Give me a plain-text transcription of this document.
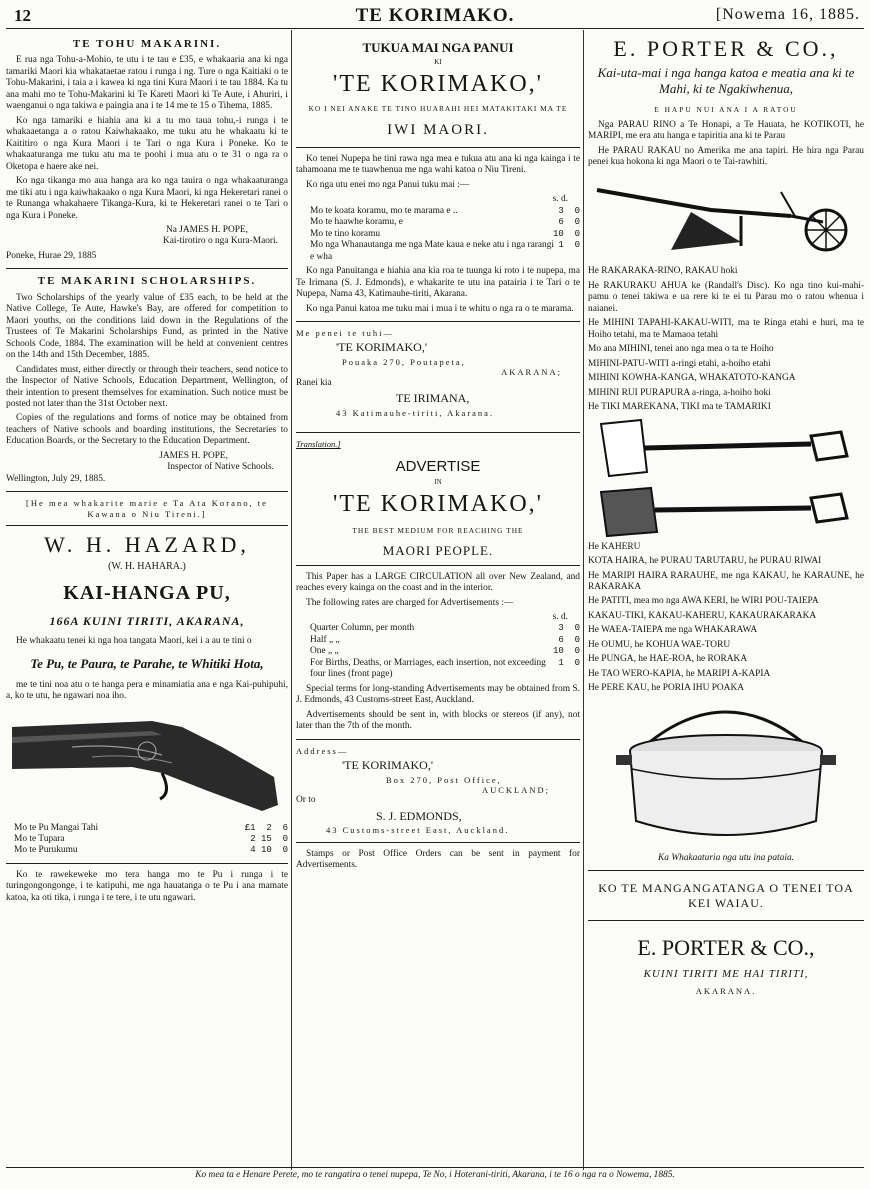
12	TE KORIMAKO.	[Nowema 16, 1885.
TE TOHU MAKARINI.

E rua nga Tohu-a-Mohio, te utu i te tau e £35, e whakaaria ana ki nga tamariki Maori kia whakataetae ratou i runga i ng. Ture o nga Kaitiaki o te Tohu-Makarini, i taia a i kawea ki nga tini Kura Maori i te tau 1884. Ka tu ana mahi mo te Tohu-Makarini ki Te Kareti Maori ki Te Aute, i Ahuriri, i waenganui o nga takiwa e paingia ana i te 14 me te 15 o Tihema, 1885.

Ko nga tamariki e hiahia ana ki a tu mo taua tohu,-i runga i te whakaaetanga a o ratou Kaiwhakaako, me tuku atu he whakaatu ki te Kaititiro o nga Kura Maori i te Tari o nga Kura i Poneke. Ko te whakaaturanga me tuku atu ma te poohi i mua atu o te 31 o nga ra o Oketopa e haere ake nei.

Ko nga tikanga mo aua hanga ara ko nga tauira o nga whakaaturanga me tiki atu i nga kaiwhakaako o nga Kura Maori, ki nga Hekeretari ranei o te Runanga whakahaere Tikanga-Kura, ki te Hekeretari ranei o te Tari o nga Kura i Poneke.

Na JAMES H. POPE,
Kai-tirotiro o nga Kura-Maori.
Poneke, Hurae 29, 1885
TE MAKARINI SCHOLARSHIPS.

Two Scholarships of the yearly value of £35 each, to be held at the Native College, Te Aute, Hawke's Bay, are offered for competition to Maori youths, on the conditions laid down in the Regulations of the Trustees of Te Makarini Scholarships Fund, as printed in the Native Schools Code, 1884. The examination will be held at convenient centres on the 14th and 15th December, 1885.

Candidates must, either directly or through their teachers, send notice to the Inspector of Native Schools, Education Department, Wellington, of their intention to present themselves for examination. Such notice must be posted not later than the 31st October next.

Copies of the regulations and forms of notice may be obtained from teachers of Native schools and boarding institutions, the Secretaries to Education Boards, or the Secretary to the Education Department.

JAMES H. POPE,
Inspector of Native Schools.
Wellington, July 29, 1885.
[He mea whakarite marie e Ta Ata Korano, te Kawana o Niu Tireni.]
W. H. HAZARD,
(W. H. HAHARA.)
KAI-HANGA PU,
166A KUINI TIRITI, AKARANA,

He whakaatu tenei ki nga hoa tangata Maori, kei i a au te tini o

Te Pu, te Paura, te Parahe, te Whitiki Hota,

me te tini noa atu o te hanga pera e minamiatia ana e nga Kai-puhipuhi, a, ko te utu, he ngawari noa iho.

Mo te Pu Mangai Tahi	£1  2  6
Mo te Tupara	2 15  0
Mo te Purukumu	4 10  0

Ko te rawekeweke mo tera hanga mo te Pu i runga i te turingongongonge, i te katipuhi, me nga hauatanga o te Pu i ana mamate katoa, ka oti tika, i runga i te tere, i te utu ngawari.

TUKUA MAI NGA PANUI
KI
'TE KORIMAKO,'
KO I NEI ANAKE TE TINO HUARAHI HEI MATAKITAKI MA TE
IWI MAORI.

Ko tenei Nupepa he tini rawa nga mea e tukua atu ana ki nga kainga i te tahamoana me te tuawhenua me nga wahi katoa o Niu Tireni.

Ko nga utu enei mo nga Panui tuku mai :—

s. d.
Mo te koata koramu, mo te marama e ..	3  0
Mo te haawhe koramu, e	6  0
Mo te tino koramu	10  0
Mo nga Whanautanga me nga Mate kaua e neke atu i nga rarangi e wha
1  0

Ko nga Panuitanga e hiahia ana kia roa te tuunga ki roto i te nupepa, ma Te Irimana (S. J. Edmonds), e whakarite te utu ina patairia i te Tari o te Nupepa, Nama 43, Katimauhe-tiriti, Akarana.

Ko nga Panui katoa me tuku mai i mua i te whitu o nga ra o te marama.

Me penei te tuhi—
'TE KORIMAKO,'
Pouaka 270, Poutapeta,
AKARANA;
Ranei kia
TE IRIMANA,
43 Katimauhe-tiriti, Akarana.
Translation.]
ADVERTISE
IN
'TE KORIMAKO,'
THE BEST MEDIUM FOR REACHING THE
MAORI PEOPLE.

This Paper has a LARGE CIRCULATION all over New Zealand, and reaches every kainga on the coast and in the interior.

The following rates are charged for Advertisements :—

s. d.
Quarter Column, per month	3  0
Half „ „	6  0
One „ „	10  0
For Births, Deaths, or Marriages, each insertion, not exceeding four lines (front page)
1  0

Special terms for long-standing Advertisements may be obtained from S. J. Edmonds, 43 Customs-street East, Auckland.

Advertisements should be sent in, with blocks or stereos (if any), not later than the 7th of the month.

Address—
'TE KORIMAKO,'
Box 270, Post Office,
AUCKLAND;
Or to
S. J. EDMONDS,
43 Customs-street East, Auckland.

Stamps or Post Office Orders can be sent in payment for Advertisements.

E. PORTER & CO.,
Kai-uta-mai i nga hanga katoa e meatia ana ki te Mahi, ki te Ngakiwhenua,
E HAPU NUI ANA I A RATOU

Nga PARAU RINO a Te Honapi, a Te Hauata, he KOTIKOTI, he MARIPI, me era atu hanga e tapiritia ana ki te Parau

He PARAU RAKAU no Amerika me ana tapiri. He hira nga Parau penei kua hokona ki nga Maori o te Tai-rawhiti.

He RAKARAKA-RINO, RAKAU hoki

He RAKURAKU AHUA ke (Randall's Disc). Ko nga tino kui-mahi-pamu o tenei takiwa e ua rere ki te ei tu Parau mo o ratou whenua i naianei.

He MIHINI TAPAHI-KAKAU-WITI, ma te Ringa etahi e huri, ma te Hoiho tetahi, ma te Mamaoa tetahi

Mo ana MIHINI, tenei ano nga mea o ta te Hoiho

MIHINI-PATU-WITI a-ringi etahi, a-hoiho etahi

MIHINI KOWHA-KANGA, WHAKATOTO-KANGA

MIHINI RUI PURAPURA a-ringa, a-hoiho hoki

He TIKI MAREKANA, TIKI ma te TAMARIKI

He KAHERU

KOTA HAIRA, he PURAU TARUTARU, he PURAU RIWAI

He MARIPI HAIRA RARAUHE, me nga KAKAU, he KARAUNE, he RAKARAKA

He PATITI, mea mo nga AWA KERI, he WIRI POU-TAIEPA

KAKAU-TIKI, KAKAU-KAHERU, KAKAURAKARAKA

He WAEA-TAIEPA me nga WHAKARAWA

He OUMU, he KOHUA WAE-TORU

He PUNGA, he HAE-ROA, he RORAKA

He TAO WERO-KAPIA, he MARIPI A-KAPIA

He PERE KAU, he PORIA IHU POAKA

Ka Whakaaturia nga utu ina pataia.
KO TE MANGANGATANGA O TENEI TOA KEI WAIAU.
E. PORTER & CO.,
KUINI TIRITI ME HAI TIRITI,
AKARANA.
Ko mea ta e Henare Perete, mo te rangatira o tenei nupepa, Te No, i Hoterani-tiriti, Akarana, i te 16 o nga ra o Nowema, 1885.
